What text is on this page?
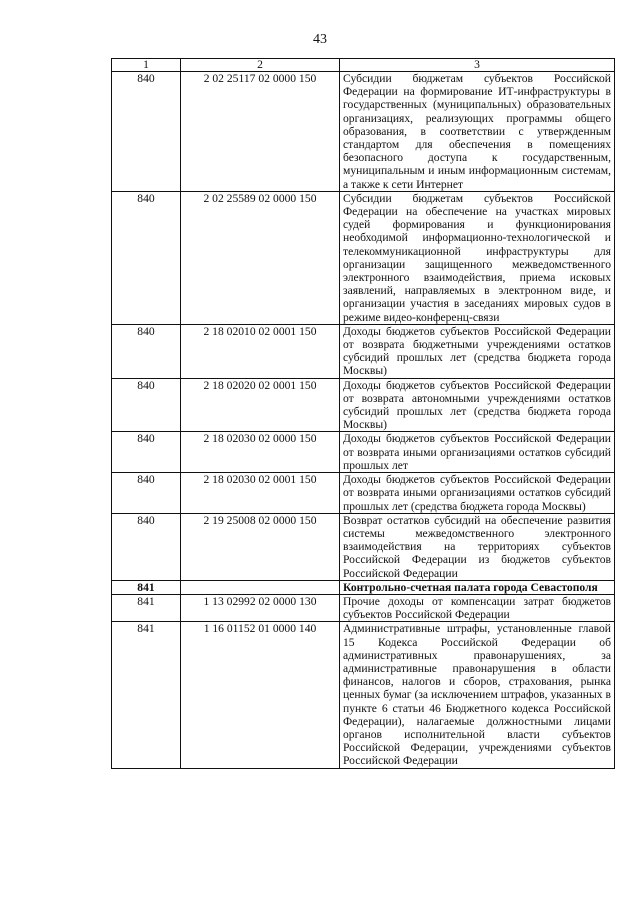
43
1	2	3
840	2 02 25117 02 0000 150	Субсидии бюджетам субъектов Российской Федерации на формирование ИТ-инфраструктуры в государственных (муниципальных) образовательных организациях, реализующих программы общего образования, в соответствии с утвержденным стандартом для обеспечения в помещениях безопасного доступа к государственным, муниципальным и иным информационным системам, а также к сети Интернет
840	2 02 25589 02 0000 150	Субсидии бюджетам субъектов Российской Федерации на обеспечение на участках мировых судей формирования и функционирования необходимой информационно-технологической и телекоммуникационной инфраструктуры для организации защищенного межведомственного электронного взаимодействия, приема исковых заявлений, направляемых в электронном виде, и организации участия в заседаниях мировых судов в режиме видео-конференц-связи
840	2 18 02010 02 0001 150	Доходы бюджетов субъектов Российской Федерации от возврата бюджетными учреждениями остатков субсидий прошлых лет (средства бюджета города Москвы)
840	2 18 02020 02 0001 150	Доходы бюджетов субъектов Российской Федерации от возврата автономными учреждениями остатков субсидий прошлых лет (средства бюджета города Москвы)
840	2 18 02030 02 0000 150	Доходы бюджетов субъектов Российской Федерации от возврата иными организациями остатков субсидий прошлых лет
840	2 18 02030 02 0001 150	Доходы бюджетов субъектов Российской Федерации от возврата иными организациями остатков субсидий прошлых лет (средства бюджета города Москвы)
840	2 19 25008 02 0000 150	Возврат остатков субсидий на обеспечение развития системы межведомственного электронного взаимодействия на территориях субъектов Российской Федерации из бюджетов субъектов Российской Федерации
841		Контрольно-счетная палата города Севастополя
841	1 13 02992 02 0000 130	Прочие доходы от компенсации затрат бюджетов субъектов Российской Федерации
841	1 16 01152 01 0000 140	Административные штрафы, установленные главой 15 Кодекса Российской Федерации об административных правонарушениях, за административные правонарушения в области финансов, налогов и сборов, страхования, рынка ценных бумаг (за исключением штрафов, указанных в пункте 6 статьи 46 Бюджетного кодекса Российской Федерации), налагаемые должностными лицами органов исполнительной власти субъектов Российской Федерации, учреждениями субъектов Российской Федерации
